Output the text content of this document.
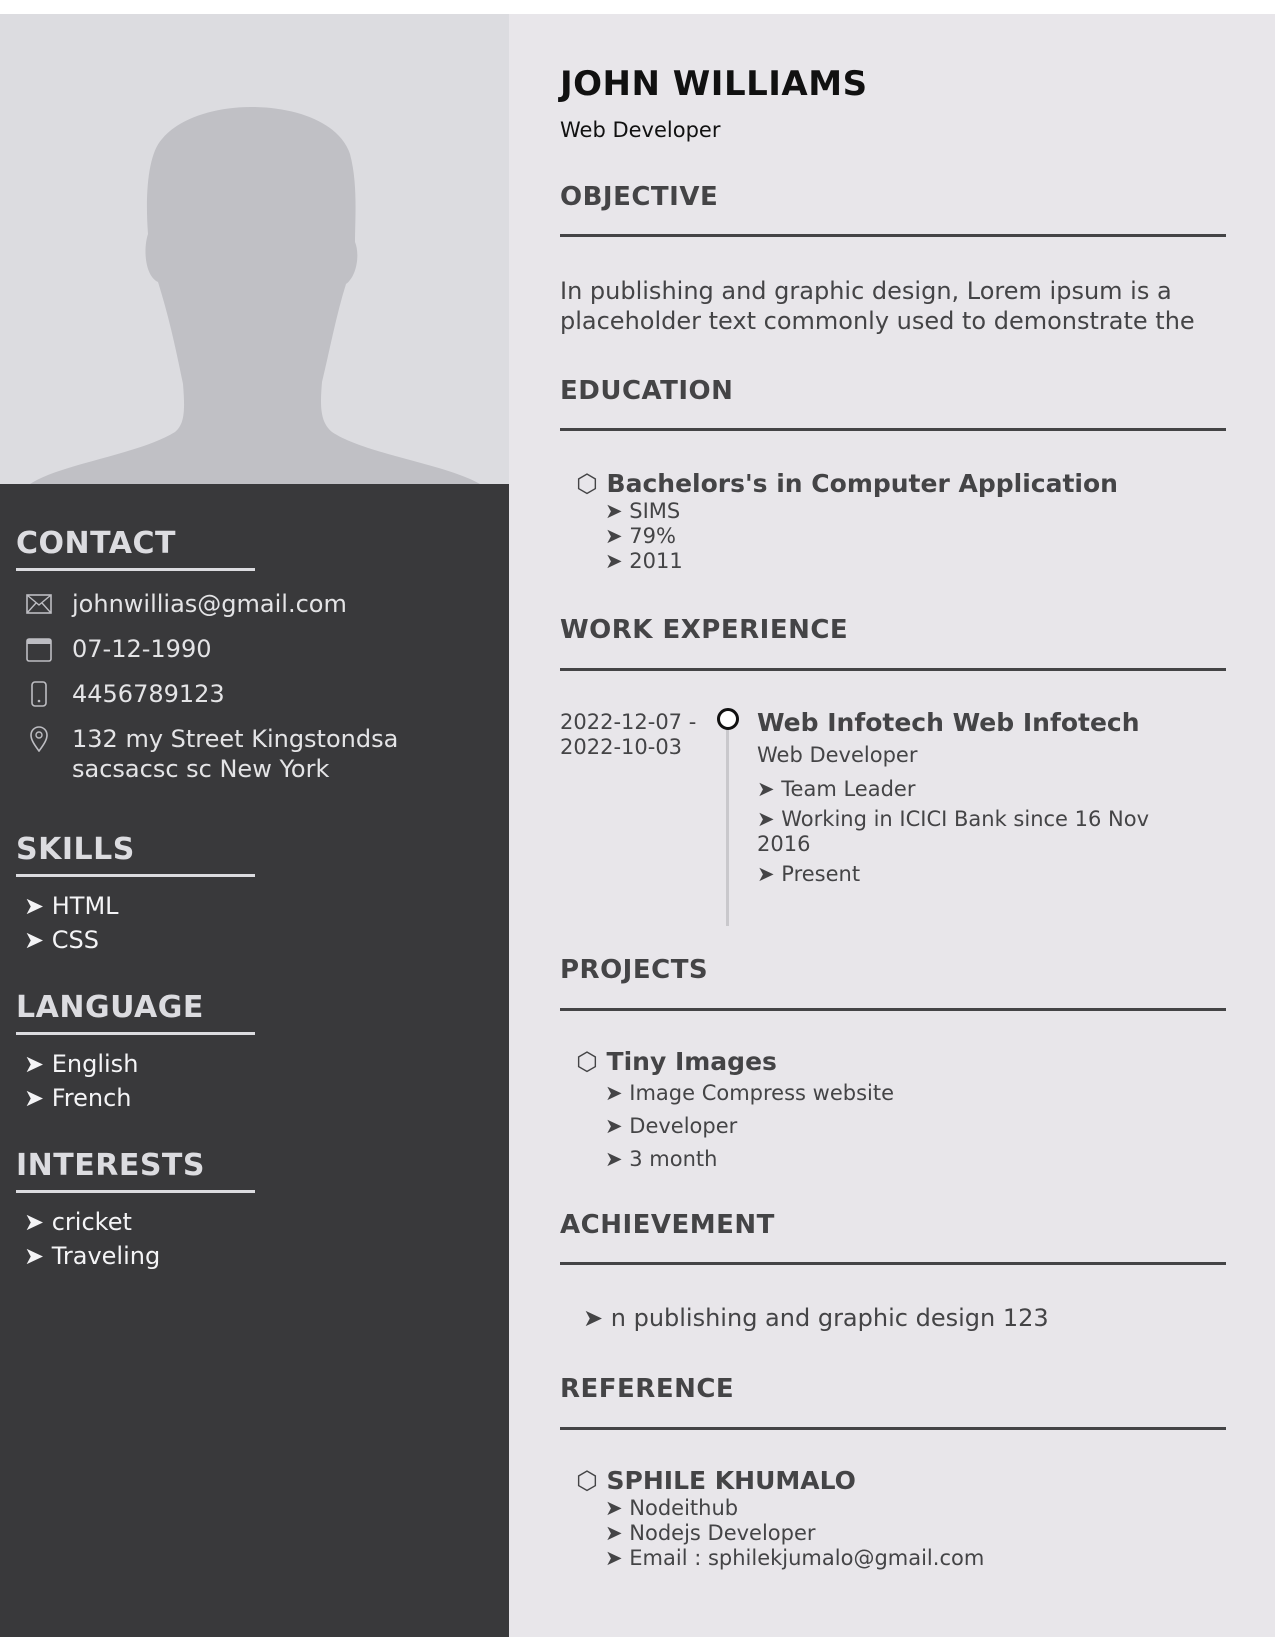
CONTACT
johnwillias@gmail.com
07-12-1990
4456789123
132 my Street Kingstondsa
sacsacsc sc New York
SKILLS
➤ HTML
➤ CSS
LANGUAGE
➤ English
➤ French
INTERESTS
➤ cricket
➤ Traveling
JOHN WILLIAMS
Web Developer
OBJECTIVE
In publishing and graphic design, Lorem ipsum is a
placeholder text commonly used to demonstrate the
EDUCATION
⬡ Bachelors's in Computer Application
➤ SIMS
➤ 79%
➤ 2011
WORK EXPERIENCE
2022-12-07 -
2022-10-03
Web Infotech Web Infotech
Web Developer
➤ Team Leader
➤ Working in ICICI Bank since 16 Nov
2016
➤ Present
PROJECTS
⬡ Tiny Images
➤ Image Compress website
➤ Developer
➤ 3 month
ACHIEVEMENT
➤ n publishing and graphic design 123
REFERENCE
⬡ SPHILE KHUMALO
➤ Nodeithub
➤ Nodejs Developer
➤ Email : sphilekjumalo@gmail.com
